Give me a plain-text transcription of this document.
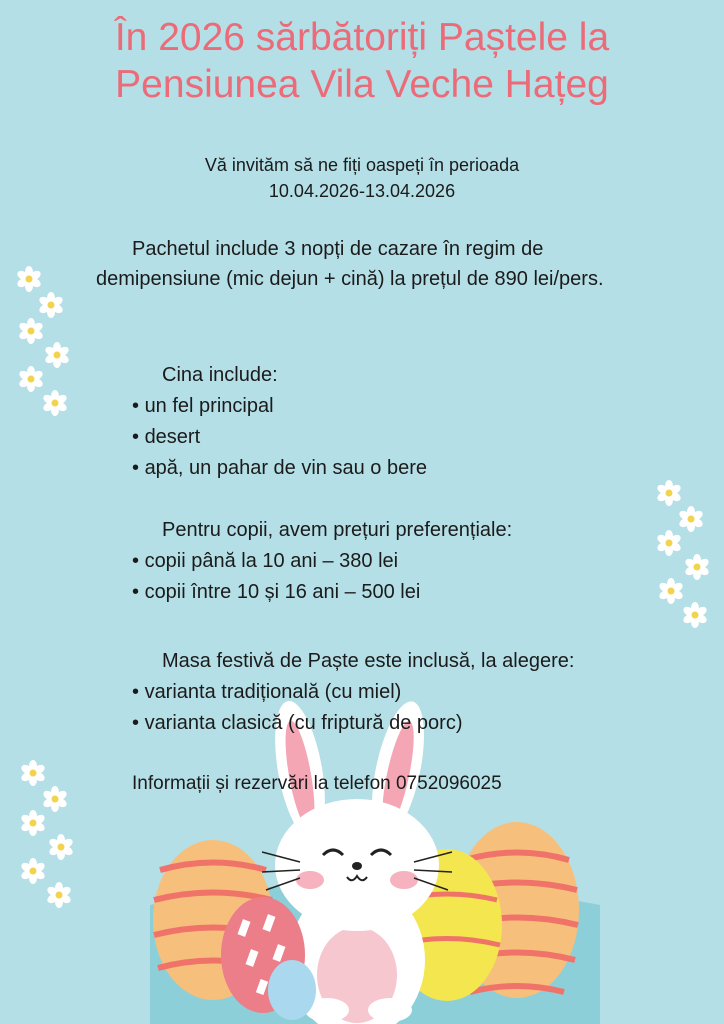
În 2026 sărbătoriți Paștele la
Pensiunea Vila Veche Hațeg
Vă invităm să ne fiți oaspeți în perioada
10.04.2026-13.04.2026

Pachetul include 3 nopți de cazare în regim de demipensiune (mic dejun + cină) la prețul de 890 lei/pers.

Cina include:
• un fel principal
• desert
• apă, un pahar de vin sau o bere
Pentru copii, avem prețuri preferențiale:
• copii până la 10 ani – 380 lei
• copii între 10 și 16 ani – 500 lei
Masa festivă de Paște este inclusă, la alegere:
• varianta tradițională (cu miel)
• varianta clasică (cu friptură de porc)
Informații și rezervări la telefon 0752096025
